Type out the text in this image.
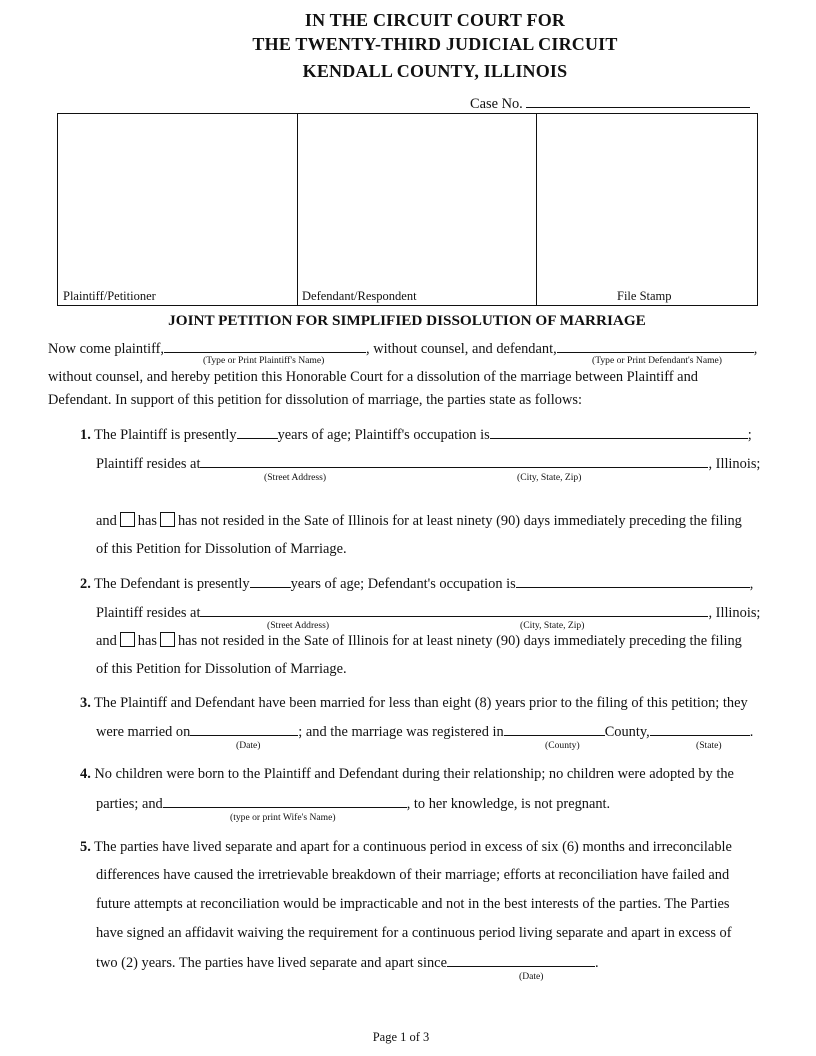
IN THE CIRCUIT COURT FOR
THE TWENTY-THIRD JUDICIAL CIRCUIT
KENDALL COUNTY, ILLINOIS
Case No.
Plaintiff/Petitioner	Defendant/Respondent	File Stamp
JOINT PETITION FOR SIMPLIFIED DISSOLUTION OF MARRIAGE
Now come plaintiff,	, without counsel, and defendant,	,
(Type or Print Plaintiff's Name)	(Type or Print Defendant's Name)
without counsel, and hereby petition this Honorable Court for a dissolution of the marriage between Plaintiff and
Defendant. In support of this petition for dissolution of marriage, the parties state as follows:
1. The Plaintiff is presently	years of age; Plaintiff's occupation is	;
Plaintiff resides at	, Illinois;
(Street Address)	(City, State, Zip)
and has has not resided in the Sate of Illinois for at least ninety (90) days immediately preceding the filing
of this Petition for Dissolution of Marriage.
2. The Defendant is presently	years of age; Defendant's occupation is	,
Plaintiff resides at	, Illinois;
(Street Address)	(City, State, Zip)
and has has not resided in the Sate of Illinois for at least ninety (90) days immediately preceding the filing
of this Petition for Dissolution of Marriage.
3. The Plaintiff and Defendant have been married for less than eight (8) years prior to the filing of this petition; they
were married on	; and the marriage was registered in	County,	.
(Date)	(County)	(State)
4. No children were born to the Plaintiff and Defendant during their relationship; no children were adopted by the
parties; and	, to her knowledge, is not pregnant.
(type or print Wife's Name)
5. The parties have lived separate and apart for a continuous period in excess of six (6) months and irreconcilable
differences have caused the irretrievable breakdown of their marriage; efforts at reconciliation have failed and
future attempts at reconciliation would be impracticable and not in the best interests of the parties. The Parties
have signed an affidavit waiving the requirement for a continuous period living separate and apart in excess of
two (2) years. The parties have lived separate and apart since	.
(Date)
Page 1 of 3
